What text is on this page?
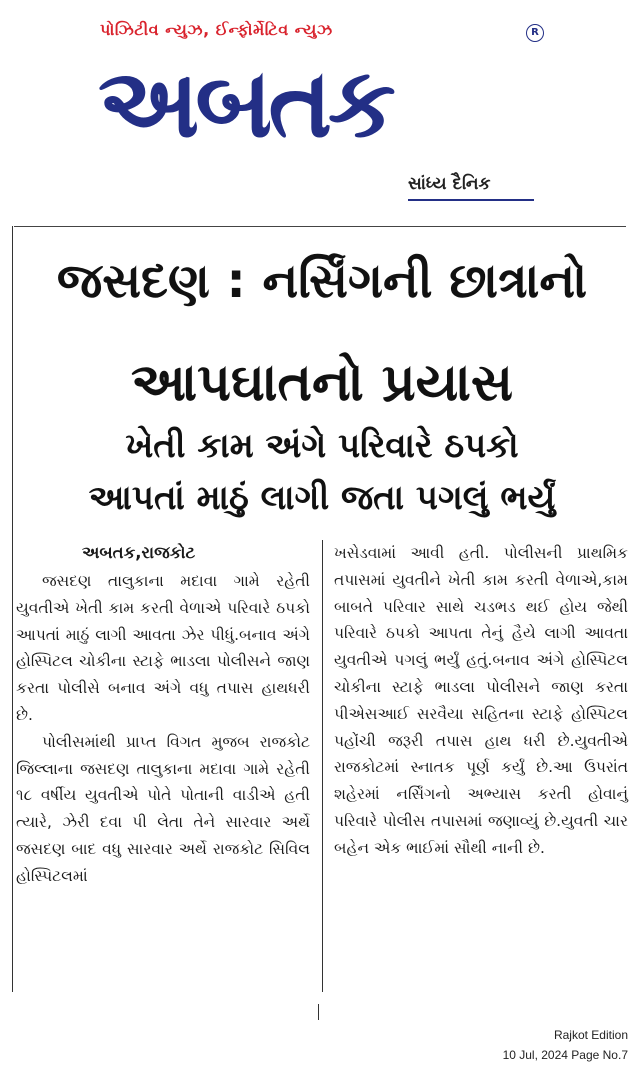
પોઝિટીવ ન્યુઝ, ઈન્ફોર્મેટિવ ન્યુઝ
અબતક
R
સાંધ્ય દૈનિક
જસદણ : નર્સિંગની છાત્રાનો
આપઘાતનો પ્રયાસ
ખેતી કામ અંગે પરિવારે ઠપકો
આપતાં માઠું લાગી જતા પગલું ભર્યું
અબતક,રાજકોટ

જસદણ તાલુકાના મદાવા ગામે રહેતી યુવતીએ ખેતી કામ કરતી વેળાએ પરિવારે ઠપકો આપતાં માઠું લાગી આવતા ઝેર પીધું.બનાવ અંગે હોસ્પિટલ ચોકીના સ્ટાફે ભાડલા પોલીસને જાણ કરતા પોલીસે બનાવ અંગે વધુ તપાસ હાથધરી છે.

પોલીસમાંથી પ્રાપ્ત વિગત મુજબ રાજકોટ જિલ્લાના જસદણ તાલુકાના મદાવા ગામે રહેતી ૧૮ વર્ષીય યુવતીએ પોતે પોતાની વાડીએ હતી ત્યારે, ઝેરી દવા પી લેતા તેને સારવાર અર્થે જસદણ બાદ વધુ સારવાર અર્થે રાજકોટ સિવિલ હોસ્પિટલમાં

ખસેડવામાં આવી હતી. પોલીસની પ્રાથમિક તપાસમાં યુવતીને ખેતી કામ કરતી વેળાએ,કામ બાબતે પરિવાર સાથે ચડભડ થઈ હોય જેથી પરિવારે ઠપકો આપતા તેનું હૈયે લાગી આવતા યુવતીએ પગલું ભર્યું હતું.બનાવ અંગે હોસ્પિટલ ચોકીના સ્ટાફે ભાડલા પોલીસને જાણ કરતા પીએસઆઈ સરવૈયા સહિતના સ્ટાફે હોસ્પિટલ પહોંચી જરૂરી તપાસ હાથ ધરી છે.યુવતીએ રાજકોટમાં સ્નાતક પૂર્ણ કર્યું છે.આ ઉપરાંત શહેરમાં નર્સિંગનો અભ્યાસ કરતી હોવાનું પરિવારે પોલીસ તપાસમાં જણાવ્યું છે.યુવતી ચાર બહેન એક ભાઈમાં સૌથી નાની છે.

Rajkot Edition
10 Jul, 2024 Page No.7
